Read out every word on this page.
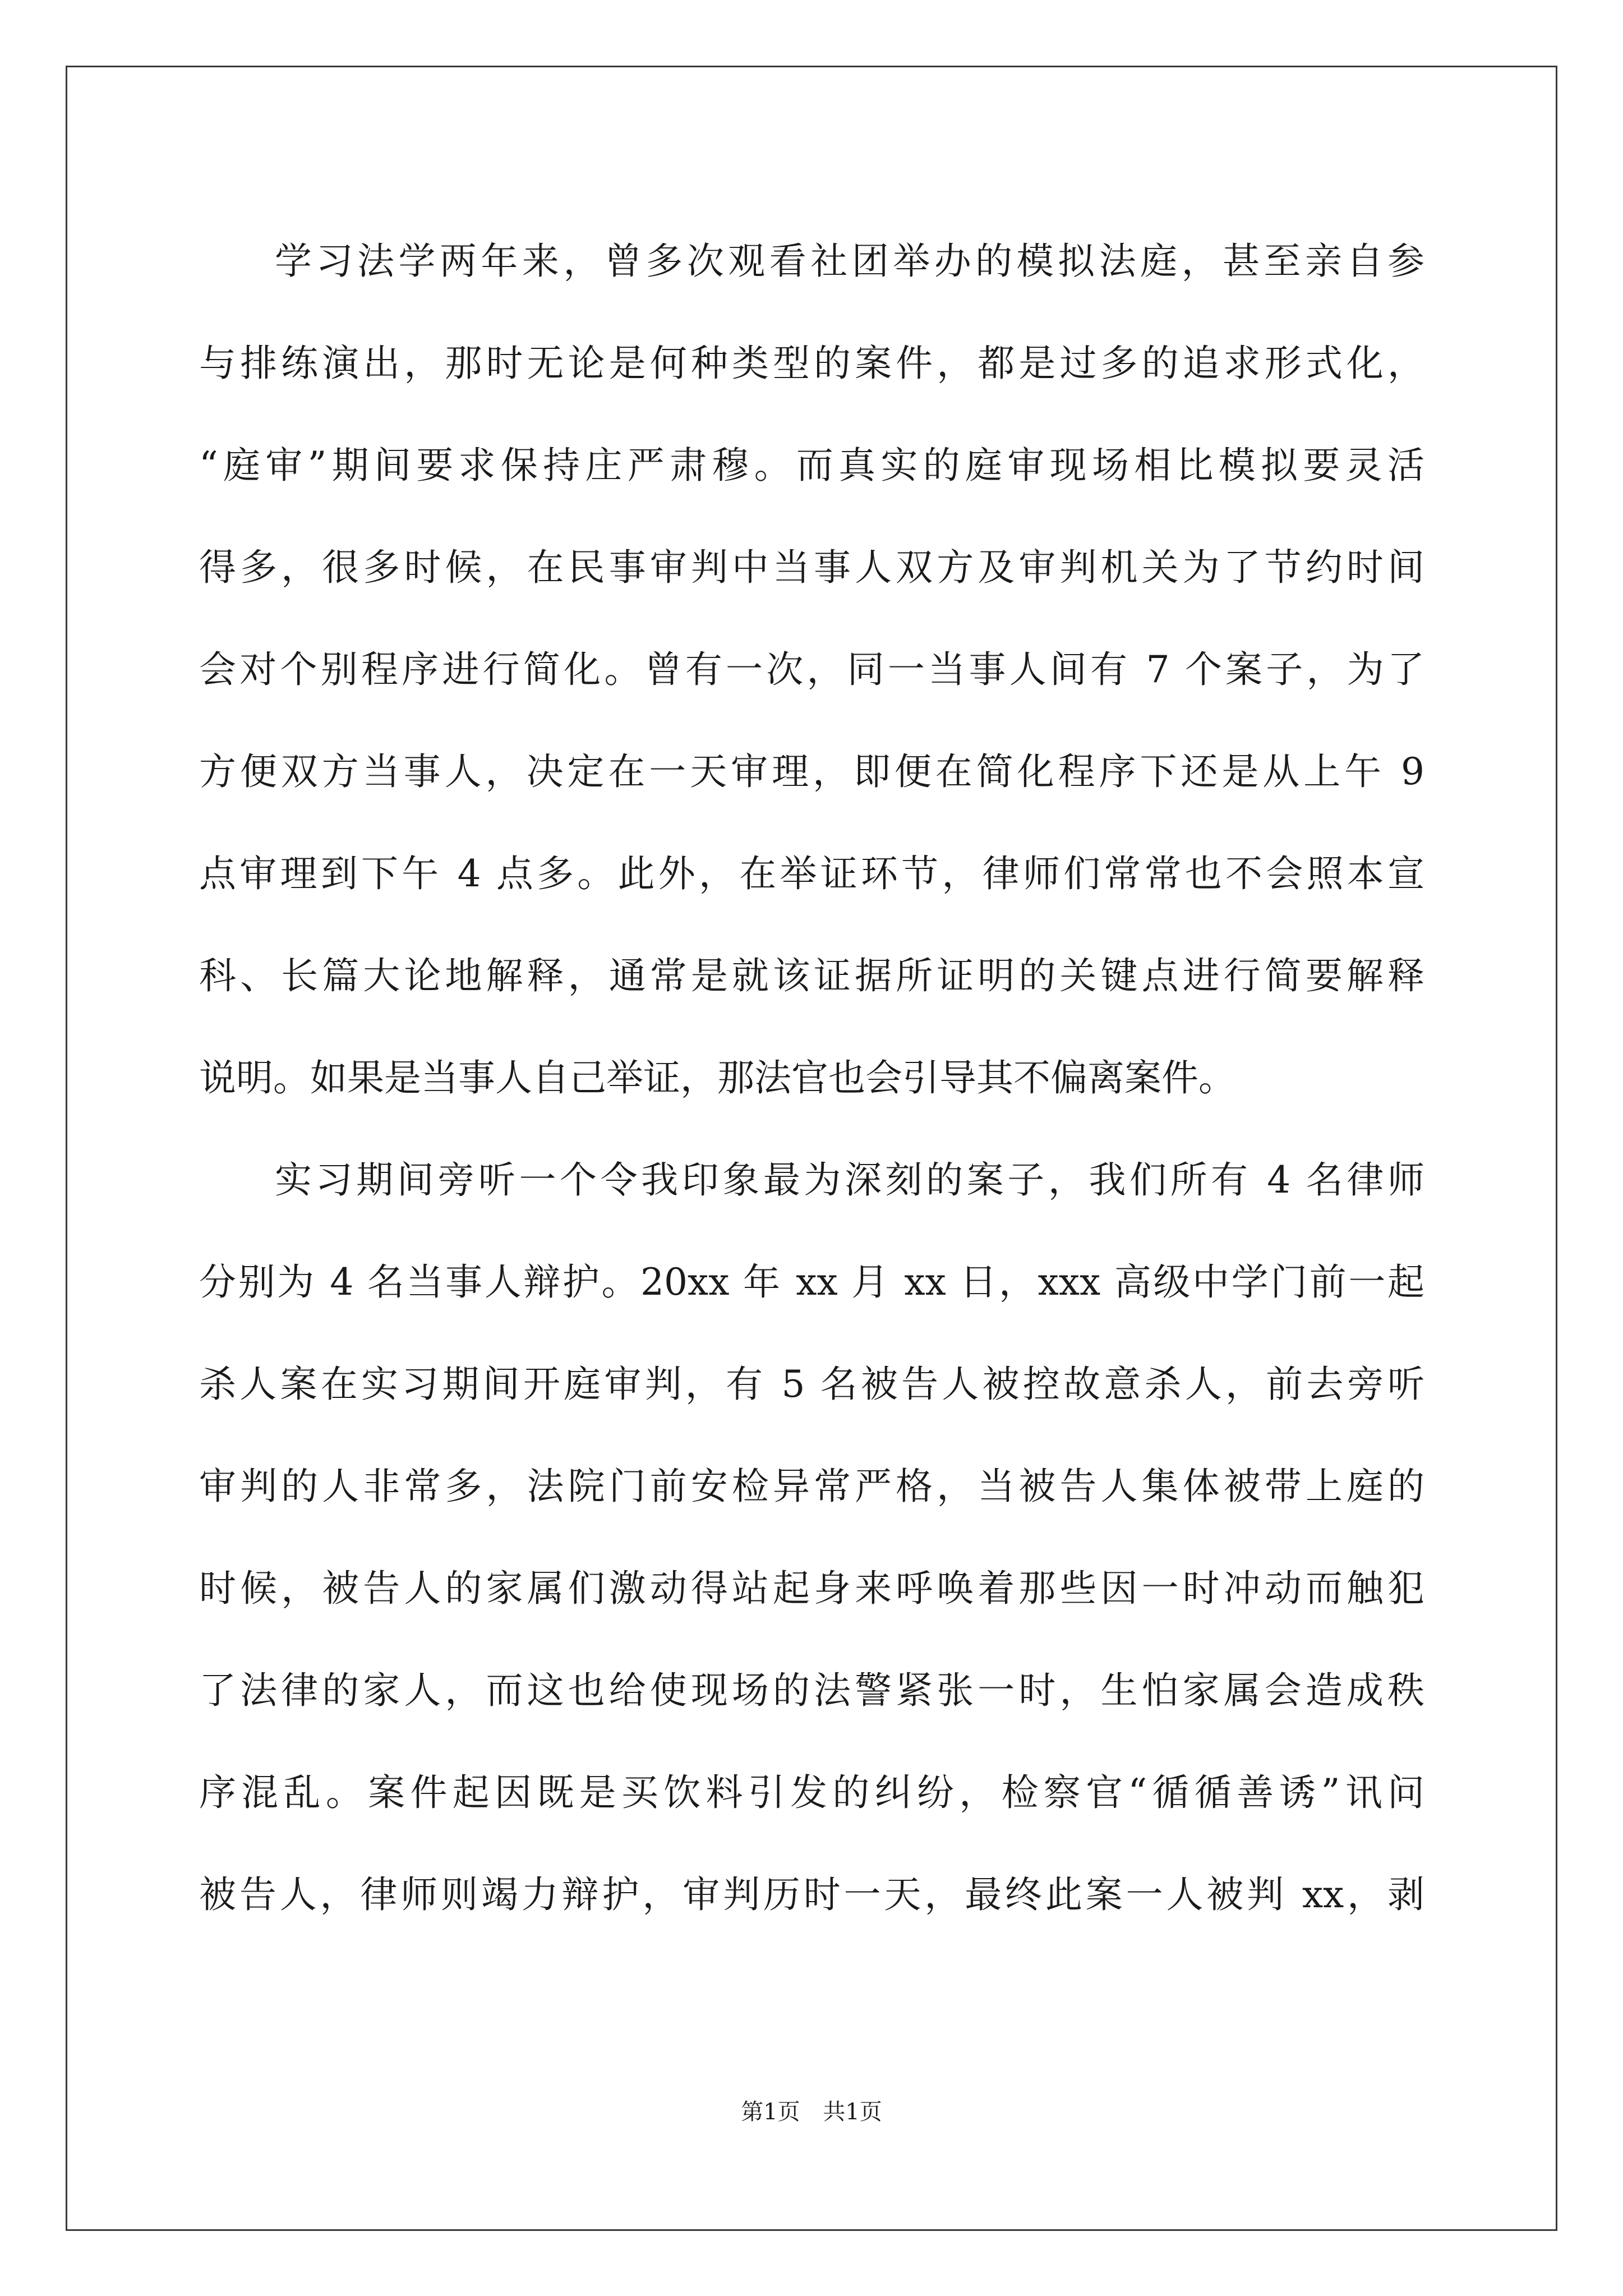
学习法学两年来，曾多次观看社团举办的模拟法庭，甚至亲自参
与排练演出，那时无论是何种类型的案件，都是过多的追求形式化，
“庭审”期间要求保持庄严肃穆。而真实的庭审现场相比模拟要灵活
得多，很多时候，在民事审判中当事人双方及审判机关为了节约时间
会对个别程序进行简化。曾有一次，同一当事人间有 7 个案子，为了
方便双方当事人，决定在一天审理，即便在简化程序下还是从上午 9
点审理到下午 4 点多。此外，在举证环节，律师们常常也不会照本宣
科、长篇大论地解释，通常是就该证据所证明的关键点进行简要解释
说明。如果是当事人自己举证，那法官也会引导其不偏离案件。
实习期间旁听一个令我印象最为深刻的案子，我们所有 4 名律师
分别为 4 名当事人辩护。20xx 年 xx 月 xx 日，xxx 高级中学门前一起
杀人案在实习期间开庭审判，有 5 名被告人被控故意杀人，前去旁听
审判的人非常多，法院门前安检异常严格，当被告人集体被带上庭的
时候，被告人的家属们激动得站起身来呼唤着那些因一时冲动而触犯
了法律的家人，而这也给使现场的法警紧张一时，生怕家属会造成秩
序混乱。案件起因既是买饮料引发的纠纷，检察官“循循善诱”讯问
被告人，律师则竭力辩护，审判历时一天，最终此案一人被判 xx，剥
第1页 共1页
